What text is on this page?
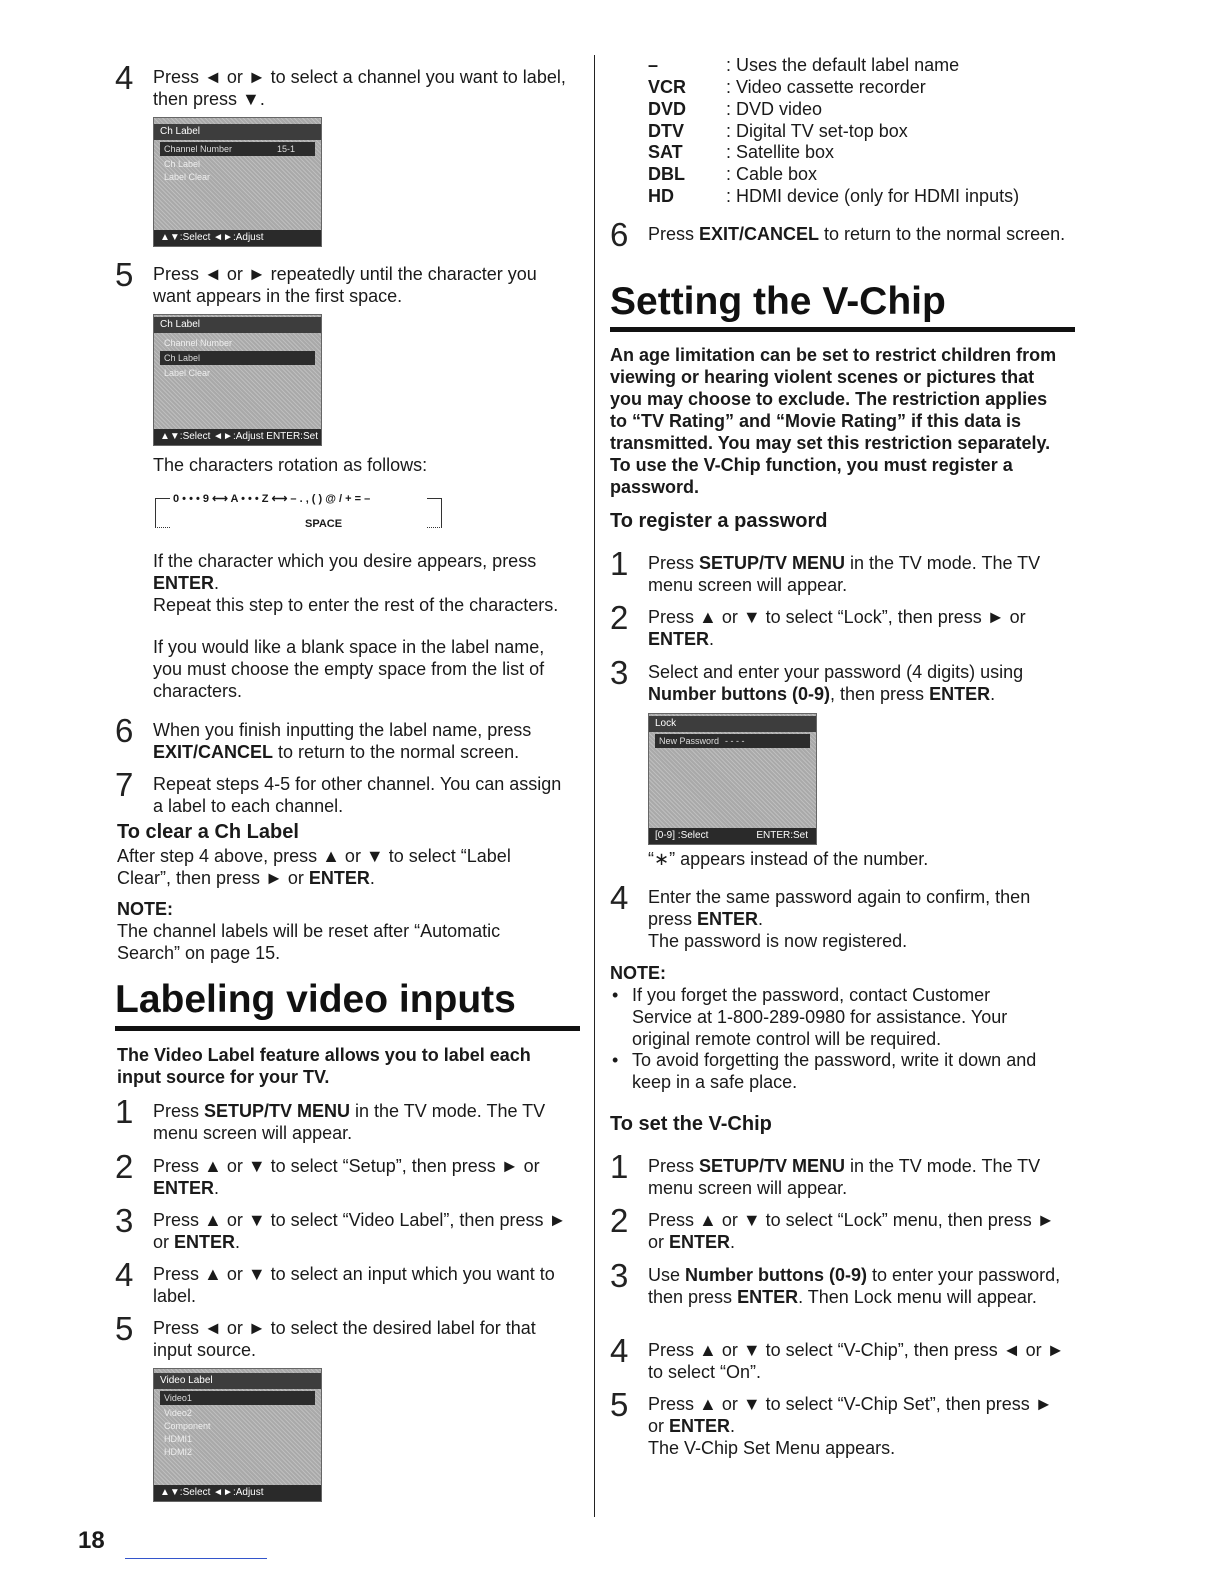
4 Press ◄ or ► to select a channel you want to label, then press ▼.
Ch Label
Channel Number	15-1
Ch Label
Label Clear
▲▼:Select ◄►:Adjust
5 Press ◄ or ► repeatedly until the character you want appears in the first space.
Ch Label
Channel Number
Ch Label
Label Clear
▲▼:Select ◄►:Adjust ENTER:Set
The characters rotation as follows:
0 • • • 9 ⟷ A • • • Z ⟷ – . , ( ) @ / + = –
SPACE
If the character which you desire appears, press ENTER.
Repeat this step to enter the rest of the characters.
If you would like a blank space in the label name, you must choose the empty space from the list of characters.
6 When you finish inputting the label name, press EXIT/CANCEL to return to the normal screen.
7 Repeat steps 4-5 for other channel. You can assign a label to each channel.
To clear a Ch Label
After step 4 above, press ▲ or ▼ to select “Label Clear”, then press ► or ENTER.
NOTE:
The channel labels will be reset after “Automatic Search” on page 15.
Labeling video inputs
The Video Label feature allows you to label each input source for your TV.
1 Press SETUP/TV MENU in the TV mode. The TV menu screen will appear.
2 Press ▲ or ▼ to select “Setup”, then press ► or ENTER.
3 Press ▲ or ▼ to select “Video Label”, then press ► or ENTER.
4 Press ▲ or ▼ to select an input which you want to label.
5 Press ◄ or ► to select the desired label for that input source.
Video Label
Video1
Video2
Component
HDMI1
HDMI2
▲▼:Select ◄►:Adjust
–	: Uses the default label name
VCR	: Video cassette recorder
DVD	: DVD video
DTV	: Digital TV set-top box
SAT	: Satellite box
DBL	: Cable box
HD	: HDMI device (only for HDMI inputs)
6 Press EXIT/CANCEL to return to the normal screen.
Setting the V-Chip
An age limitation can be set to restrict children from viewing or hearing violent scenes or pictures that you may choose to exclude. The restriction applies to “TV Rating” and “Movie Rating” if this data is transmitted. You may set this restriction separately. To use the V-Chip function, you must register a password.
To register a password
1 Press SETUP/TV MENU in the TV mode. The TV menu screen will appear.
2 Press ▲ or ▼ to select “Lock”, then press ► or ENTER.
3 Select and enter your password (4 digits) using Number buttons (0-9), then press ENTER.
Lock
New Password - - - -
[0-9] :Select	ENTER:Set
“∗” appears instead of the number.
4 Enter the same password again to confirm, then press ENTER.
The password is now registered.
NOTE:
• If you forget the password, contact Customer Service at 1-800-289-0980 for assistance. Your original remote control will be required.
• To avoid forgetting the password, write it down and keep in a safe place.
To set the V-Chip
1 Press SETUP/TV MENU in the TV mode. The TV menu screen will appear.
2 Press ▲ or ▼ to select “Lock” menu, then press ► or ENTER.
3 Use Number buttons (0-9) to enter your password, then press ENTER. Then Lock menu will appear.
4 Press ▲ or ▼ to select “V-Chip”, then press ◄ or ► to select “On”.
5 Press ▲ or ▼ to select “V-Chip Set”, then press ► or ENTER.
The V-Chip Set Menu appears.
18
